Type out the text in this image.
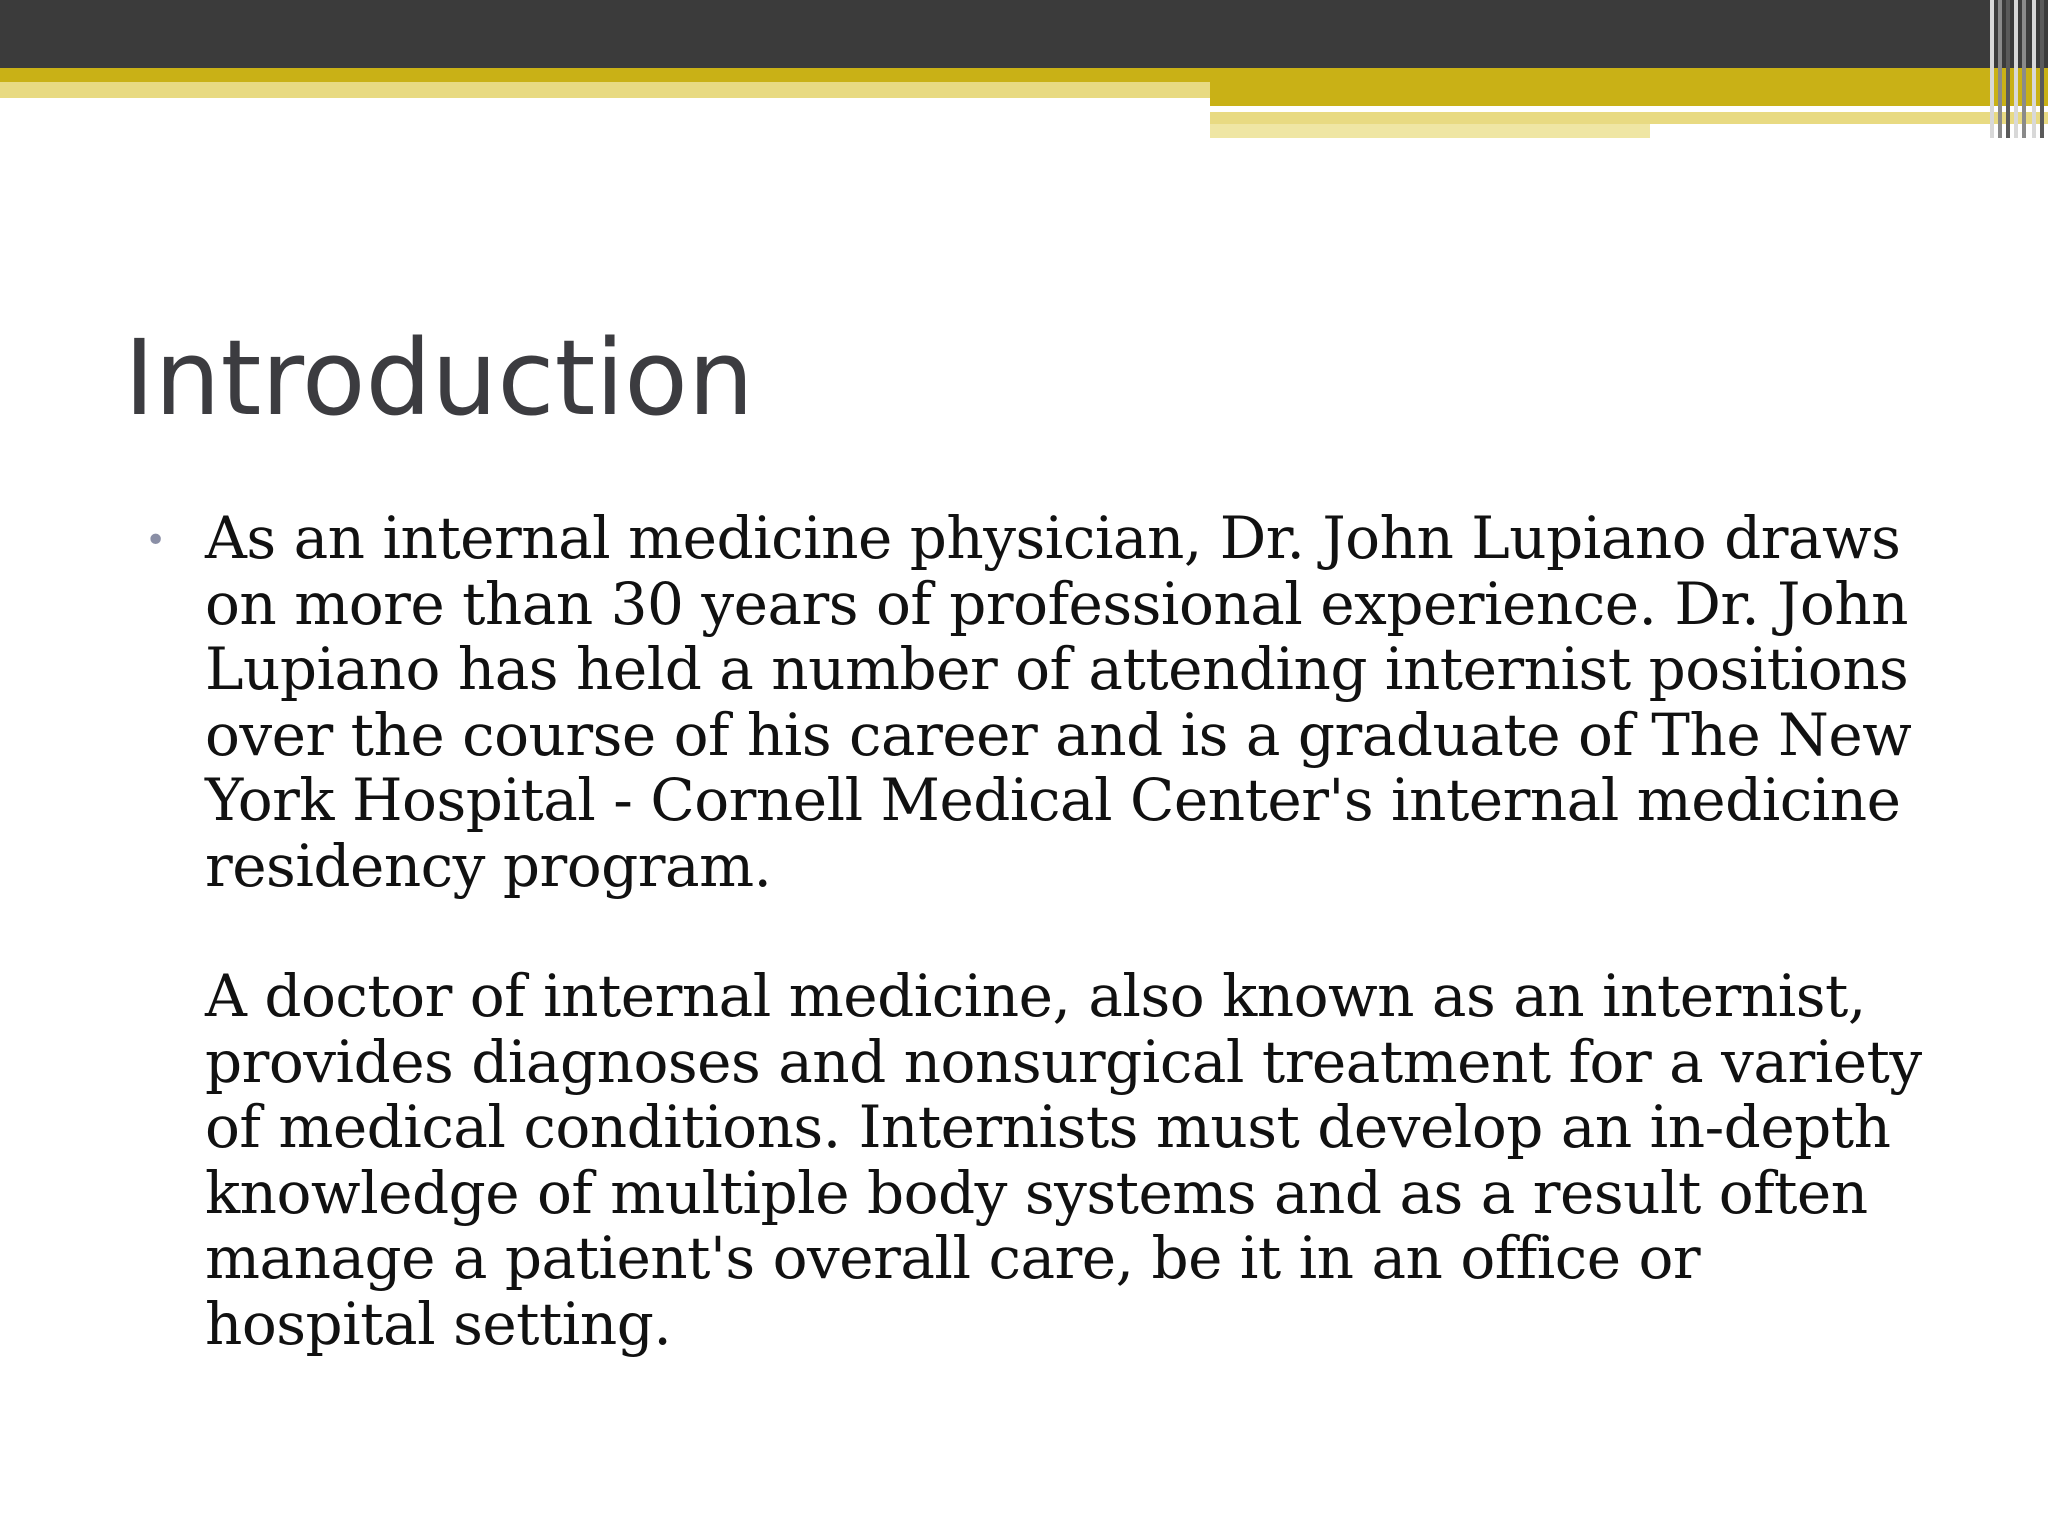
Introduction
• As an internal medicine physician, Dr. John Lupiano draws on more than 30 years of professional experience. Dr. John Lupiano has held a number of attending internist positions over the course of his career and is a graduate of The New York Hospital - Cornell Medical Center's internal medicine residency program.

A doctor of internal medicine, also known as an internist, provides diagnoses and nonsurgical treatment for a variety of medical conditions. Internists must develop an in-depth knowledge of multiple body systems and as a result often manage a patient's overall care, be it in an office or hospital setting.
